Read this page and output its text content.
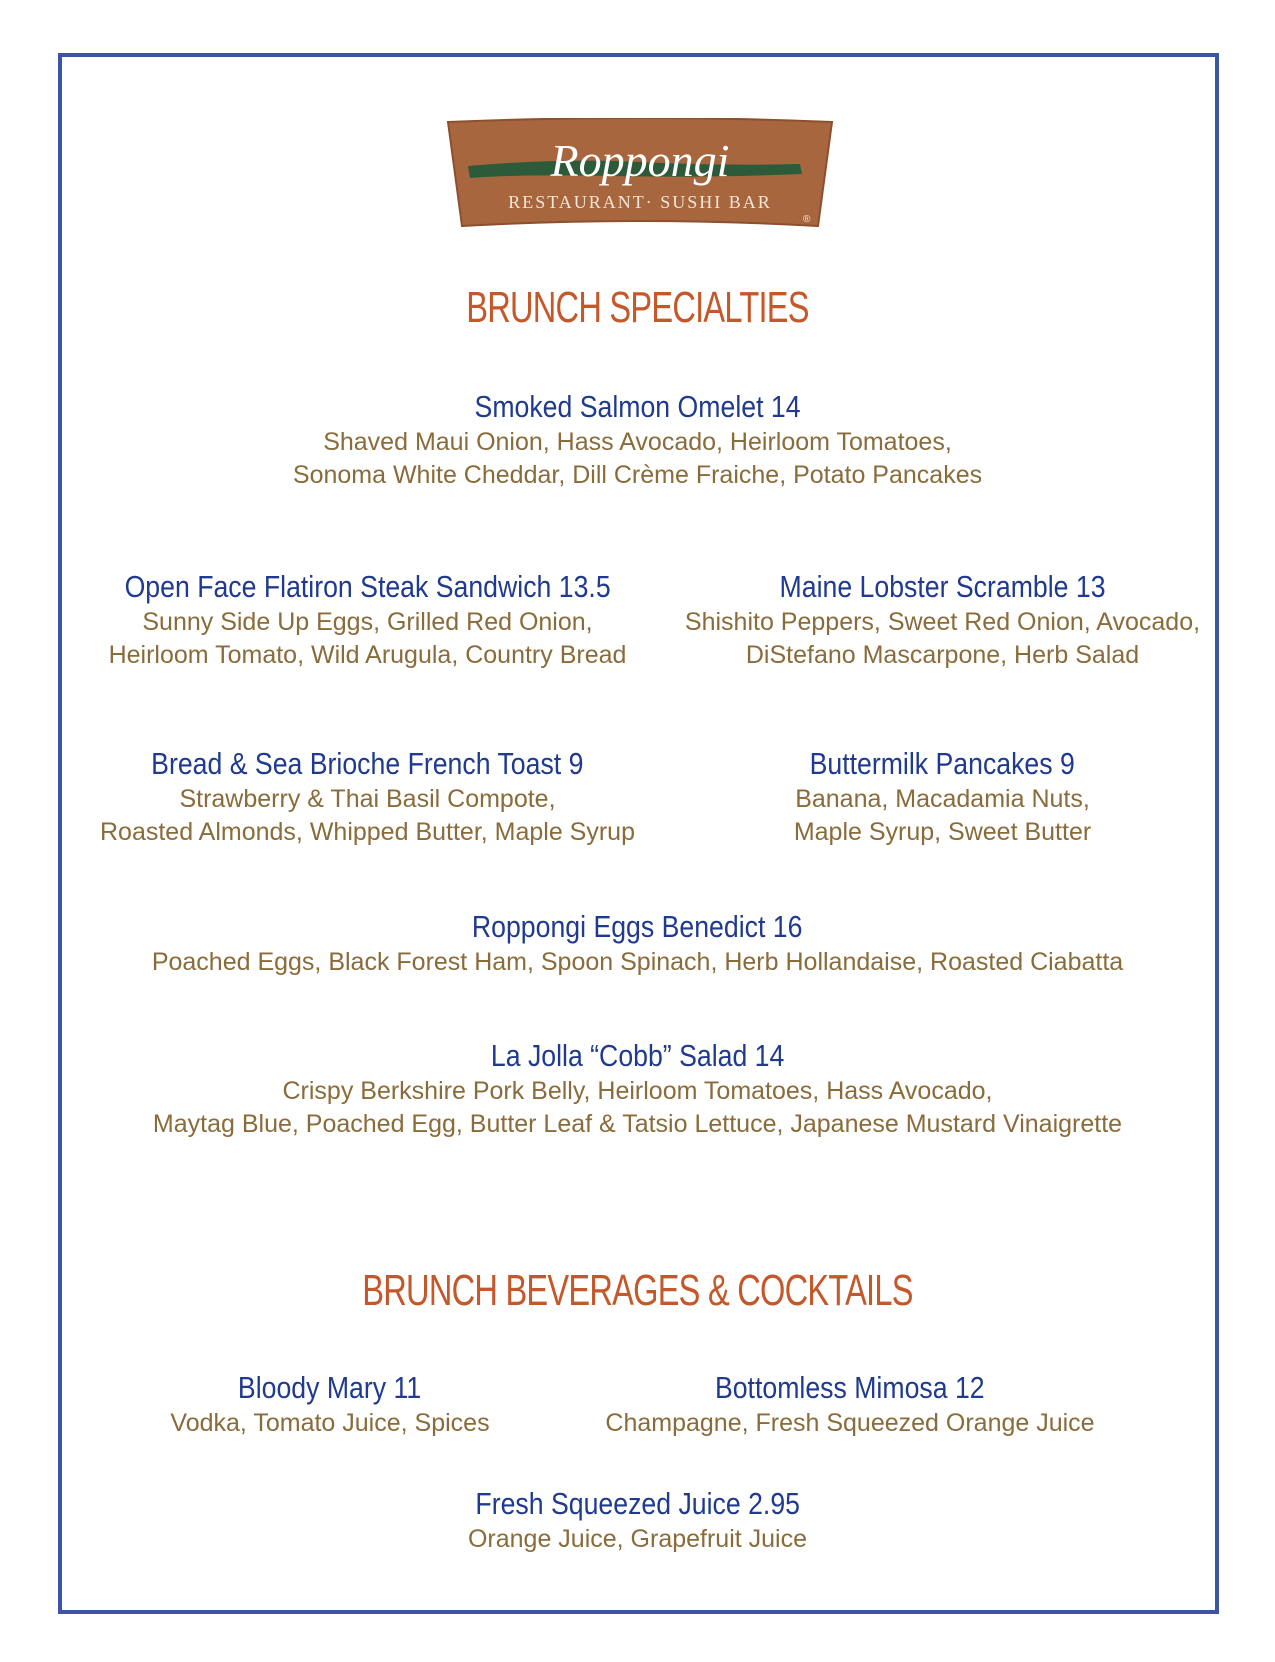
Roppongi
RESTAURANT· SUSHI BAR
®
BRUNCH SPECIALTIES
Smoked Salmon Omelet 14
Shaved Maui Onion, Hass Avocado, Heirloom Tomatoes,
Sonoma White Cheddar, Dill Crème Fraiche, Potato Pancakes
Open Face Flatiron Steak Sandwich 13.5
Sunny Side Up Eggs, Grilled Red Onion,
Heirloom Tomato, Wild Arugula, Country Bread
Maine Lobster Scramble 13
Shishito Peppers, Sweet Red Onion, Avocado,
DiStefano Mascarpone, Herb Salad
Bread & Sea Brioche French Toast 9
Strawberry & Thai Basil Compote,
Roasted Almonds, Whipped Butter, Maple Syrup
Buttermilk Pancakes 9
Banana, Macadamia Nuts,
Maple Syrup, Sweet Butter
Roppongi Eggs Benedict 16
Poached Eggs, Black Forest Ham, Spoon Spinach, Herb Hollandaise, Roasted Ciabatta
La Jolla “Cobb” Salad 14
Crispy Berkshire Pork Belly, Heirloom Tomatoes, Hass Avocado,
Maytag Blue, Poached Egg, Butter Leaf & Tatsio Lettuce, Japanese Mustard Vinaigrette
BRUNCH BEVERAGES & COCKTAILS
Bloody Mary 11
Vodka, Tomato Juice, Spices
Bottomless Mimosa 12
Champagne, Fresh Squeezed Orange Juice
Fresh Squeezed Juice 2.95
Orange Juice, Grapefruit Juice
